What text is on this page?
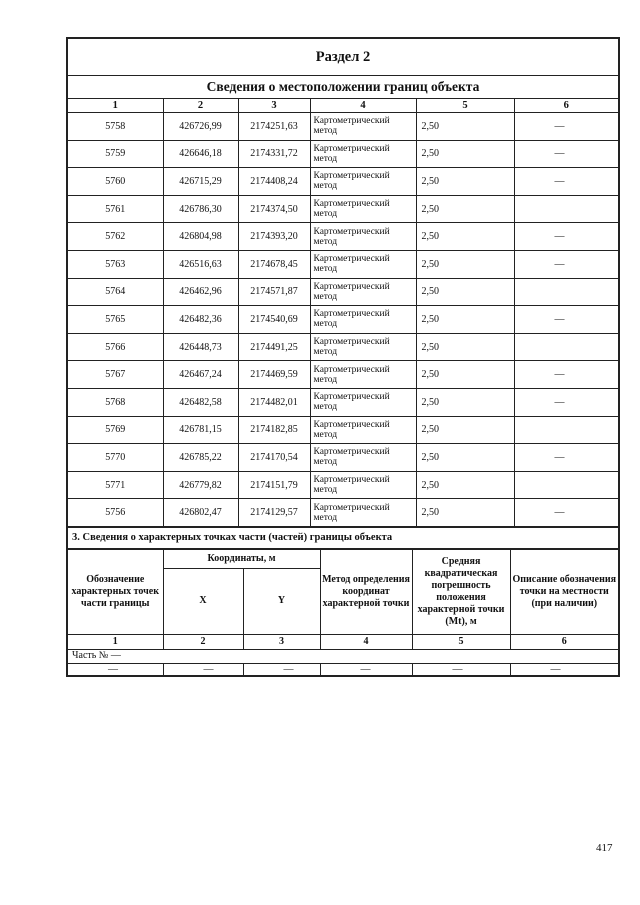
Раздел 2
Сведения о местоположении границ объекта
1	2	3	4	5	6
5758	426726,99	2174251,63	Картометрический метод	2,50	—
5759	426646,18	2174331,72	Картометрический метод	2,50	—
5760	426715,29	2174408,24	Картометрический метод	2,50	—
5761	426786,30	2174374,50	Картометрический метод	2,50	
5762	426804,98	2174393,20	Картометрический метод	2,50	—
5763	426516,63	2174678,45	Картометрический метод	2,50	—
5764	426462,96	2174571,87	Картометрический метод	2,50	
5765	426482,36	2174540,69	Картометрический метод	2,50	—
5766	426448,73	2174491,25	Картометрический метод	2,50	
5767	426467,24	2174469,59	Картометрический метод	2,50	—
5768	426482,58	2174482,01	Картометрический метод	2,50	—
5769	426781,15	2174182,85	Картометрический метод	2,50	
5770	426785,22	2174170,54	Картометрический метод	2,50	—
5771	426779,82	2174151,79	Картометрический метод	2,50	
5756	426802,47	2174129,57	Картометрический метод	2,50	—
3. Сведения о характерных точках части (частей) границы объекта
Обозначение характерных точек части границы	Координаты, м		Метод определения координат характерной точки	Средняя квадратическая погрешность положения характерной точки (Mt), м	Описание обозначения точки на местности (при наличии)
	X	Y			
1	2	3	4	5	6
Часть № —					
—	—	—	—	—	—
417
